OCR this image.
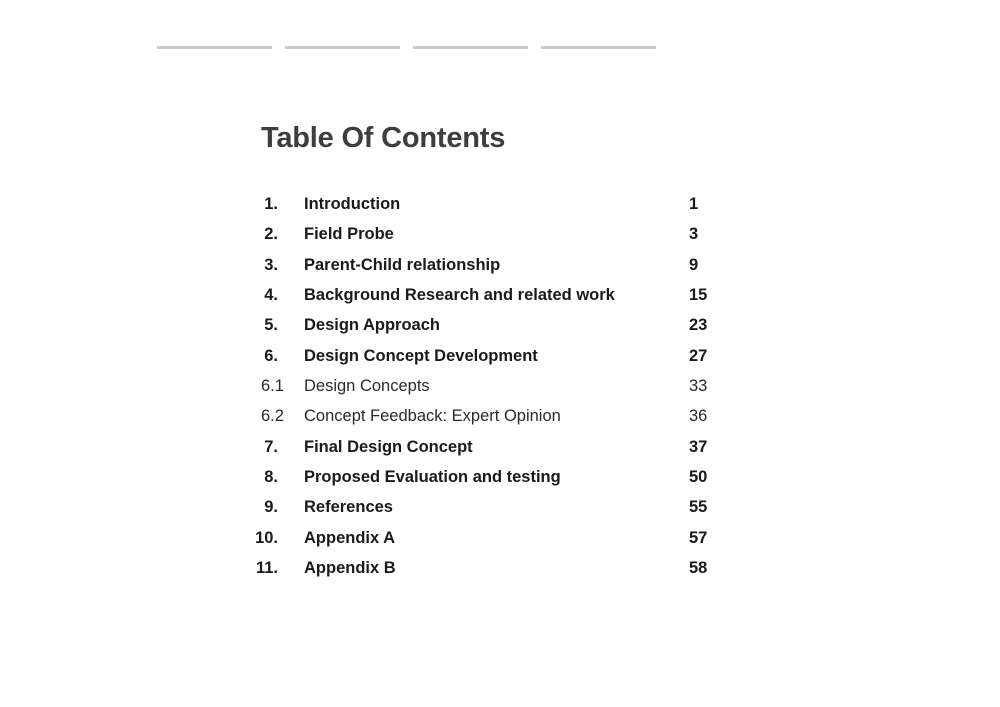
Table Of Contents
1. Introduction	1
2. Field Probe	3
3. Parent-Child relationship	9
4. Background Research and related work	15
5. Design Approach	23
6. Design Concept Development	27
6.1	Design Concepts	33
6.2	Concept Feedback: Expert Opinion	36
7. Final Design Concept	37
8. Proposed Evaluation and testing	50
9. References	55
10. Appendix A	57
11. Appendix B	58
